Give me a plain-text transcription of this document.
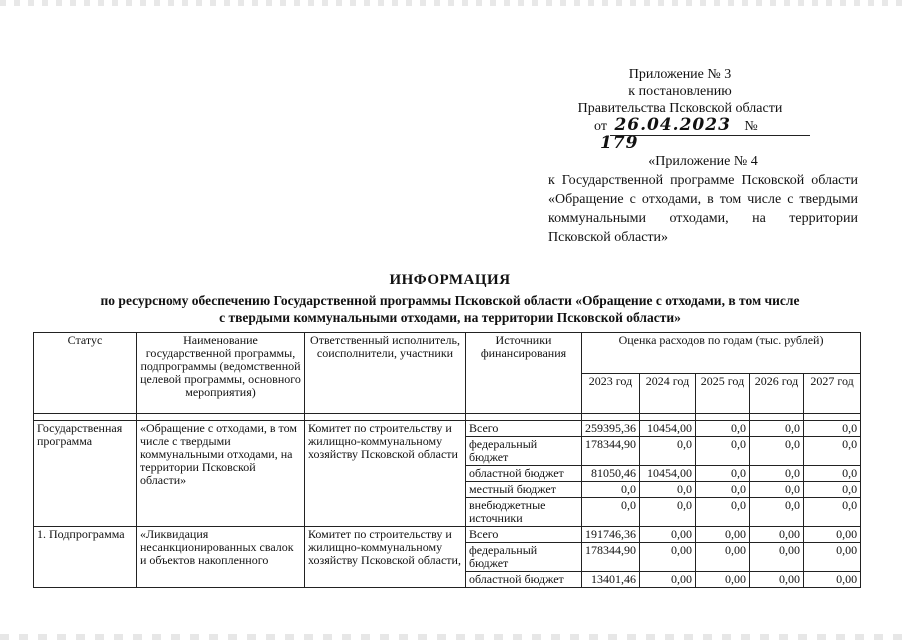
Приложение № 3
к постановлению
Правительства Псковской области
от 26.04.2023 № 179
«Приложение № 4
к Государственной программе Псковской области «Обращение с отходами, в том числе с твердыми коммунальными отходами, на территории Псковской области»
ИНФОРМАЦИЯ
по ресурсному обеспечению Государственной программы Псковской области «Обращение с отходами, в том числе
с твердыми коммунальными отходами, на территории Псковской области»
Статус	Наименование государственной программы, подпрограммы (ведомственной целевой программы, основного мероприятия)	Ответственный исполнитель, соисполнители, участники	Источники финансирования	Оценка расходов по годам (тыс. рублей)				
				2023 год	2024 год	2025 год	2026 год	2027 год

Государственная программа	«Обращение с отходами, в том числе с твердыми коммунальными отходами, на территории Псковской области»	Комитет по строительству и жилищно-коммунальному хозяйству Псковской области	Всего	259395,36	10454,00	0,0	0,0	0,0
			федеральный бюджет	178344,90	0,0	0,0	0,0	0,0
			областной бюджет	81050,46	10454,00	0,0	0,0	0,0
			местный бюджет	0,0	0,0	0,0	0,0	0,0
			внебюджетные источники	0,0	0,0	0,0	0,0	0,0
1. Подпрограмма	«Ликвидация несанкционированных свалок и объектов накопленного	Комитет по строительству и жилищно-коммунальному хозяйству Псковской области,	Всего	191746,36	0,00	0,00	0,00	0,00
			федеральный бюджет	178344,90	0,00	0,00	0,00	0,00
			областной бюджет	13401,46	0,00	0,00	0,00	0,00
